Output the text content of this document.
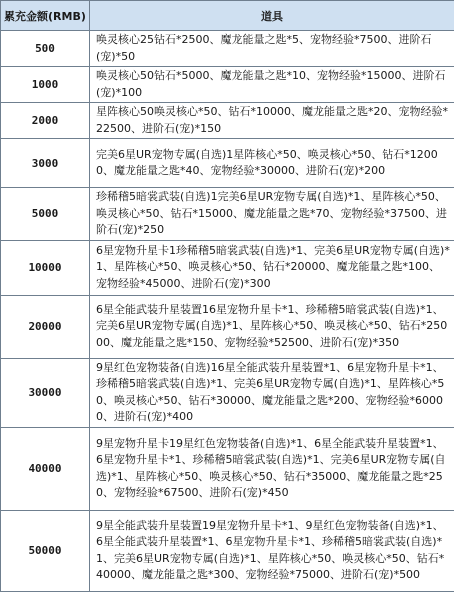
累充金额(RMB)	道具
500	唤灵核心25钻石*2500、魔龙能量之匙*5、宠物经验*7500、进阶石(宠)*50
1000	唤灵核心50钻石*5000、魔龙能量之匙*10、宠物经验*15000、进阶石(宠)*100
2000	星阵核心50唤灵核心*50、钻石*10000、魔龙能量之匙*20、宠物经验*22500、进阶石(宠)*150
3000	完美6星UR宠物专属(自选)1星阵核心*50、唤灵核心*50、钻石*12000、魔龙能量之匙*40、宠物经验*30000、进阶石(宠)*200
5000	珍稀稽5暗裳武装(自选)1完美6星UR宠物专属(自选)*1、星阵核心*50、唤灵核心*50、钻石*15000、魔龙能量之匙*70、宠物经验*37500、进阶石(宠)*250
10000	6星宠物升星卡1珍稀稽5暗裳武装(自选)*1、完美6星UR宠物专属(自选)*1、星阵核心*50、唤灵核心*50、钻石*20000、魔龙能量之匙*100、宠物经验*45000、进阶石(宠)*300
20000	6星全能武装升星装置16星宠物升星卡*1、珍稀稽5暗裳武装(自选)*1、完美6星UR宠物专属(自选)*1、星阵核心*50、唤灵核心*50、钻石*25000、魔龙能量之匙*150、宠物经验*52500、进阶石(宠)*350
30000	9星红色宠物装备(自选)16星全能武装升星装置*1、6星宠物升星卡*1、珍稀稽5暗裳武装(自选)*1、完美6星UR宠物专属(自选)*1、星阵核心*50、唤灵核心*50、钻石*30000、魔龙能量之匙*200、宠物经验*60000、进阶石(宠)*400
40000	9星宠物升星卡19星红色宠物装备(自选)*1、6星全能武装升星装置*1、6星宠物升星卡*1、珍稀稽5暗裳武装(自选)*1、完美6星UR宠物专属(自选)*1、星阵核心*50、唤灵核心*50、钻石*35000、魔龙能量之匙*250、宠物经验*67500、进阶石(宠)*450
50000	9星全能武装升星装置19星宠物升星卡*1、9星红色宠物装备(自选)*1、6星全能武装升星装置*1、6星宠物升星卡*1、珍稀稽5暗裳武装(自选)*1、完美6星UR宠物专属(自选)*1、星阵核心*50、唤灵核心*50、钻石*40000、魔龙能量之匙*300、宠物经验*75000、进阶石(宠)*500
